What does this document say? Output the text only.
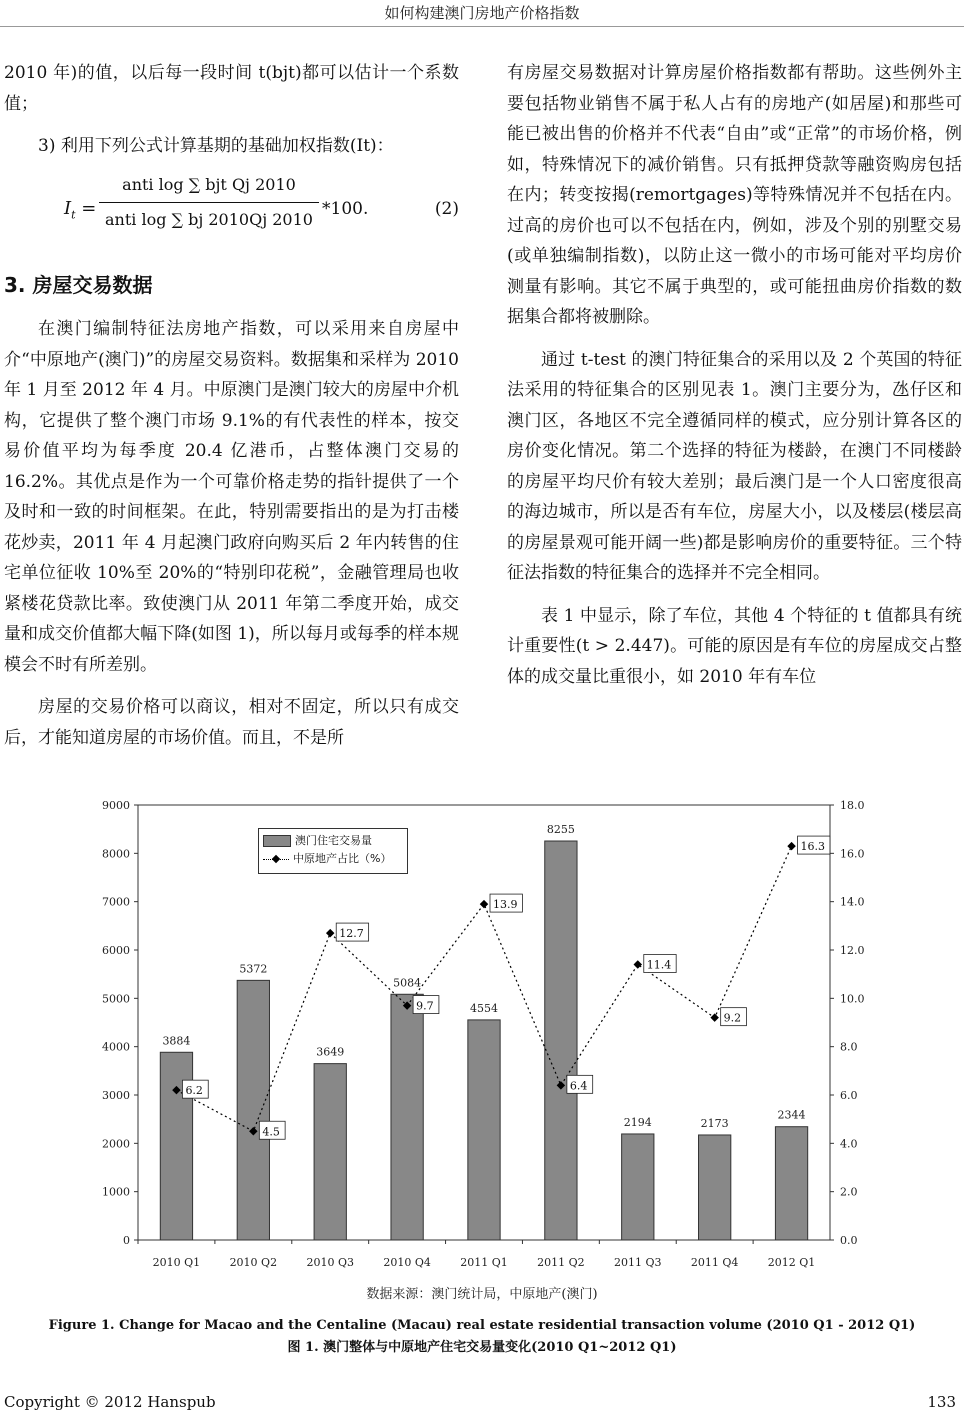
如何构建澳门房地产价格指数

2010 年)的值，以后每一段时间 t(bjt)都可以估计一个系数值；

3) 利用下列公式计算基期的基础加权指数(It)：

$I_t$ =
anti log ∑ bjt Qj 2010
anti log ∑ bj 2010Qj 2010
*100.	(2)

3. 房屋交易数据

在澳门编制特征法房地产指数，可以采用来自房屋中介“中原地产(澳门)”的房屋交易资料。数据集和采样为 2010 年 1 月至 2012 年 4 月。中原澳门是澳门较大的房屋中介机构，它提供了整个澳门市场 9.1%的有代表性的样本，按交易价值平均为每季度 20.4 亿港币，占整体澳门交易的 16.2%。其优点是作为一个可靠价格走势的指针提供了一个及时和一致的时间框架。在此，特别需要指出的是为打击楼花炒卖，2011 年 4 月起澳门政府向购买后 2 年内转售的住宅单位征收 10%至 20%的“特别印花税”，金融管理局也收紧楼花贷款比率。致使澳门从 2011 年第二季度开始，成交量和成交价值都大幅下降(如图 1)，所以每月或每季的样本规模会不时有所差别。

房屋的交易价格可以商议，相对不固定，所以只有成交后，才能知道房屋的市场价值。而且，不是所

有房屋交易数据对计算房屋价格指数都有帮助。这些例外主要包括物业销售不属于私人占有的房地产(如居屋)和那些可能已被出售的价格并不代表“自由”或“正常”的市场价格，例如，特殊情况下的减价销售。只有抵押贷款等融资购房包括在内；转变按揭(remortgages)等特殊情况并不包括在内。过高的房价也可以不包括在内，例如，涉及个别的别墅交易(或单独编制指数)，以防止这一微小的市场可能对平均房价测量有影响。其它不属于典型的，或可能扭曲房价指数的数据集合都将被删除。

通过 t-test 的澳门特征集合的采用以及 2 个英国的特征法采用的特征集合的区别见表 1。澳门主要分为，氹仔区和澳门区，各地区不完全遵循同样的模式，应分别计算各区的房价变化情况。第二个选择的特征为楼龄，在澳门不同楼龄的房屋平均尺价有较大差别；最后澳门是一个人口密度很高的海边城市，所以是否有车位，房屋大小，以及楼层(楼层高的房屋景观可能开阔一些)都是影响房价的重要特征。三个特征法指数的特征集合的选择并不完全相同。

表 1 中显示，除了车位，其他 4 个特征的 t 值都具有统计重要性(t > 2.447)。可能的原因是有车位的房屋成交占整体的成交量比重很小，如 2010 年有车位

0
1000
2000
3000
4000
5000
6000
7000
8000
9000
0.0
2.0
4.0
6.0
8.0
10.0
12.0
14.0
16.0
18.0
2010 Q1	2010 Q2	2010 Q3	2010 Q4	2011 Q1	2011 Q2	2011 Q3	2011 Q4	2012 Q1
3884
5372
3649
5084
4554
8255
2194	2173
2344
6.2
4.5
12.7
9.7
13.9
6.4
11.4
9.2
16.3
澳门住宅交易量
中原地产占比（%）
数据来源：澳门统计局，中原地产(澳门)
Figure 1. Change for Macao and the Centaline (Macau) real estate residential transaction volume (2010 Q1 - 2012 Q1)
图 1. 澳门整体与中原地产住宅交易量变化(2010 Q1~2012 Q1)
Copyright © 2012 Hanspub	133
